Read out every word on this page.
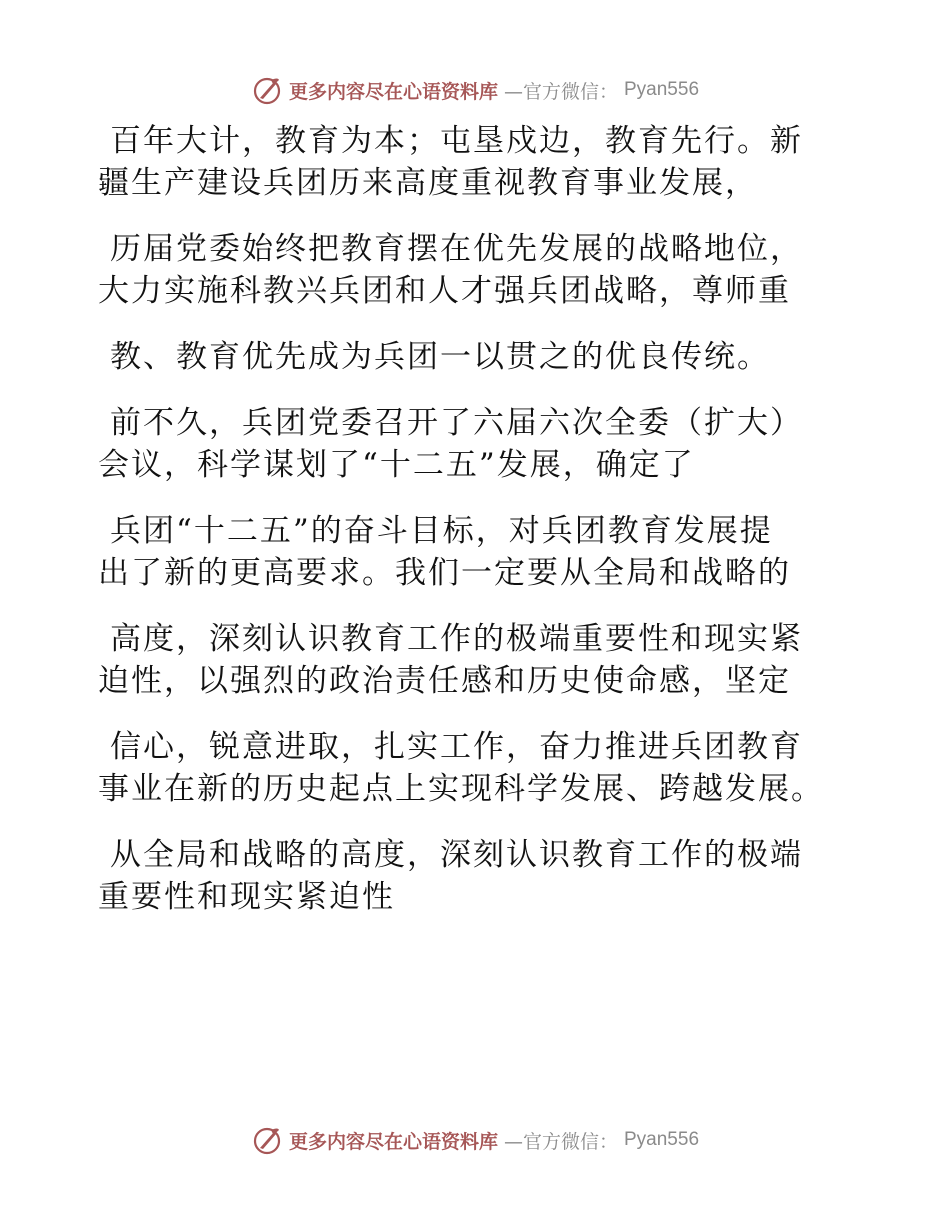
更多内容尽在心语资料库 —官方微信： Pyan556
百年大计，教育为本；屯垦戍边，教育先行。新
疆生产建设兵团历来高度重视教育事业发展，
历届党委始终把教育摆在优先发展的战略地位，
大力实施科教兴兵团和人才强兵团战略，尊师重
教、教育优先成为兵团一以贯之的优良传统。
前不久，兵团党委召开了六届六次全委（扩大）
会议，科学谋划了“十二五”发展，确定了
兵团“十二五”的奋斗目标，对兵团教育发展提
出了新的更高要求。我们一定要从全局和战略的
高度，深刻认识教育工作的极端重要性和现实紧
迫性，以强烈的政治责任感和历史使命感，坚定
信心，锐意进取，扎实工作，奋力推进兵团教育
事业在新的历史起点上实现科学发展、跨越发展。
从全局和战略的高度，深刻认识教育工作的极端
重要性和现实紧迫性
更多内容尽在心语资料库 —官方微信： Pyan556
